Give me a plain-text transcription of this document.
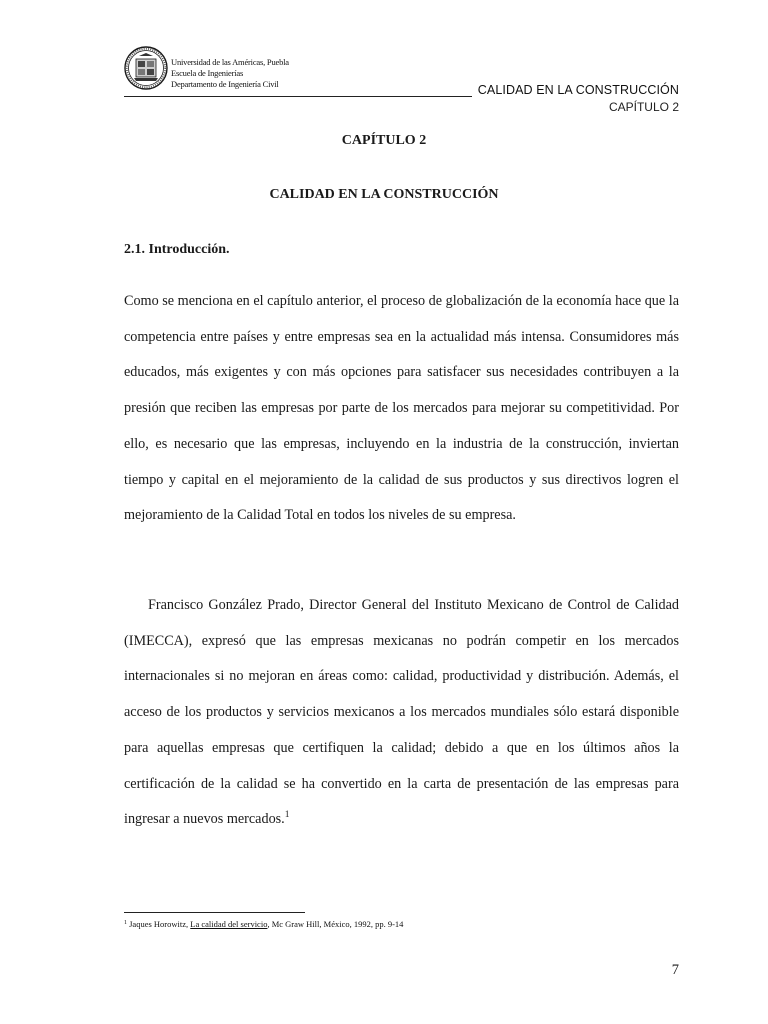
Universidad de las Américas, Puebla
Escuela de Ingenierías
Departamento de Ingeniería Civil	CALIDAD EN LA CONSTRUCCIÓN
CAPÍTULO 2
CAPÍTULO 2
CALIDAD EN LA CONSTRUCCIÓN
2.1. Introducción.

Como se menciona en el capítulo anterior, el proceso de globalización de la economía hace que la competencia entre países y entre empresas sea en la actualidad más intensa. Consumidores más educados, más exigentes y con más opciones para satisfacer sus necesidades contribuyen a la presión que reciben las empresas por parte de los mercados para mejorar su competitividad. Por ello, es necesario que las empresas, incluyendo en la industria de la construcción, inviertan tiempo y capital en el mejoramiento de la calidad de sus productos y sus directivos logren el mejoramiento de la Calidad Total en todos los niveles de su empresa.

Francisco González Prado, Director General del Instituto Mexicano de Control de Calidad (IMECCA), expresó que las empresas mexicanas no podrán competir en los mercados internacionales si no mejoran en áreas como: calidad, productividad y distribución. Además, el acceso de los productos y servicios mexicanos a los mercados mundiales sólo estará disponible para aquellas empresas que certifiquen la calidad; debido a que en los últimos años la certificación de la calidad se ha convertido en la carta de presentación de las empresas para ingresar a nuevos mercados.$^1$

$^1$ Jaques Horowitz, La calidad del servicio, Mc Graw Hill, México, 1992, pp. 9-14
7
